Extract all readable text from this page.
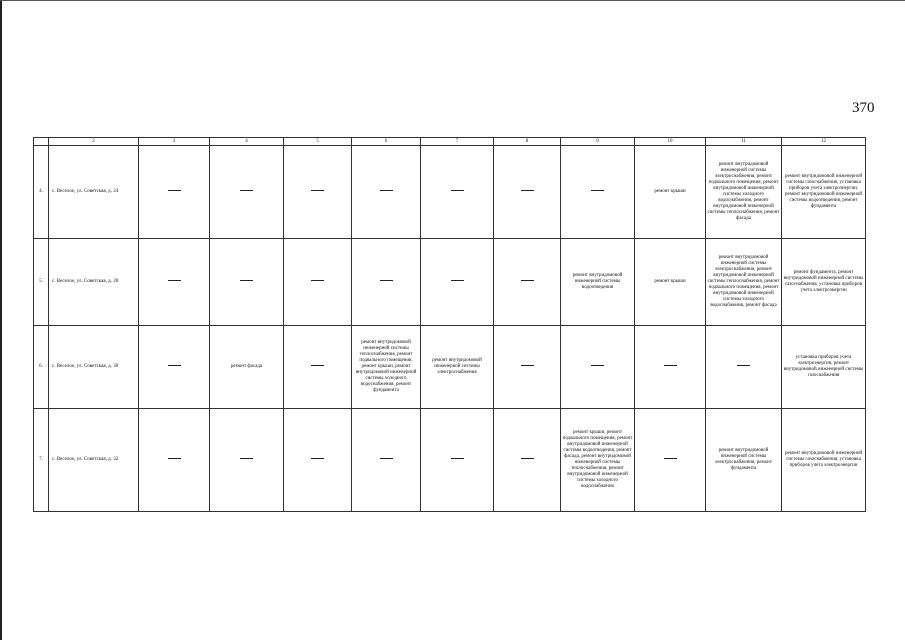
370
	2	3	4	5	6	7	8	9	10	11	12
4.	с. Веселое, ул. Советская, д. 24								ремонт крыши	ремонт внутридомовой инженерной системы электроснабжения, ремонт подвального помещения, ремонт внутридомовой инженерной системы холодного водоснабжения, ремонт внутридомовой инженерной системы теплоснабжения, ремонт фасада	ремонт внутридомовой инженерной системы газоснабжения, установка приборов учета электроэнергии, ремонт внутридомовой инженерной системы водоотведения, ремонт фундамента
5.	с. Веселое, ул. Советская, д. 28							ремонт внутридомовой инженерной системы водоотведения	ремонт крыши	ремонт внутридомовой инженерной системы электроснабжения, ремонт внутридомовой инженерной системы теплоснабжения, ремонт подвального помещения, ремонт внутридомовой инженерной системы холодного водоснабжения, ремонт фасада	ремонт фундамента, ремонт внутридомовой инженерной системы газоснабжения, установка приборов учета электроэнергии
6.	с. Веселое, ул. Советская, д. 30		ремонт фасада		ремонт внутридомовой инженерной системы теплоснабжения, ремонт подвального помещения, ремонт крыши, ремонт внутридомовой инженерной системы холодного водоснабжения, ремонт фундамента	ремонт внутридомовой инженерной системы электроснабжения					установка приборов учета электроэнергии, ремонт внутридомовой инженерной системы газоснабжения
7.	с. Веселое, ул. Советская, д. 32							ремонт крыши, ремонт подвального помещения, ремонт внутридомовой инженерной системы водоотведения, ремонт фасада, ремонт внутридомовой инженерной системы теплоснабжения, ремонт внутридомовой инженерной системы холодного водоснабжения		ремонт внутридомовой инженерной системы электроснабжения, ремонт фундамента	ремонт внутридомовой инженерной системы газоснабжения, установка приборов учета электроэнергии
